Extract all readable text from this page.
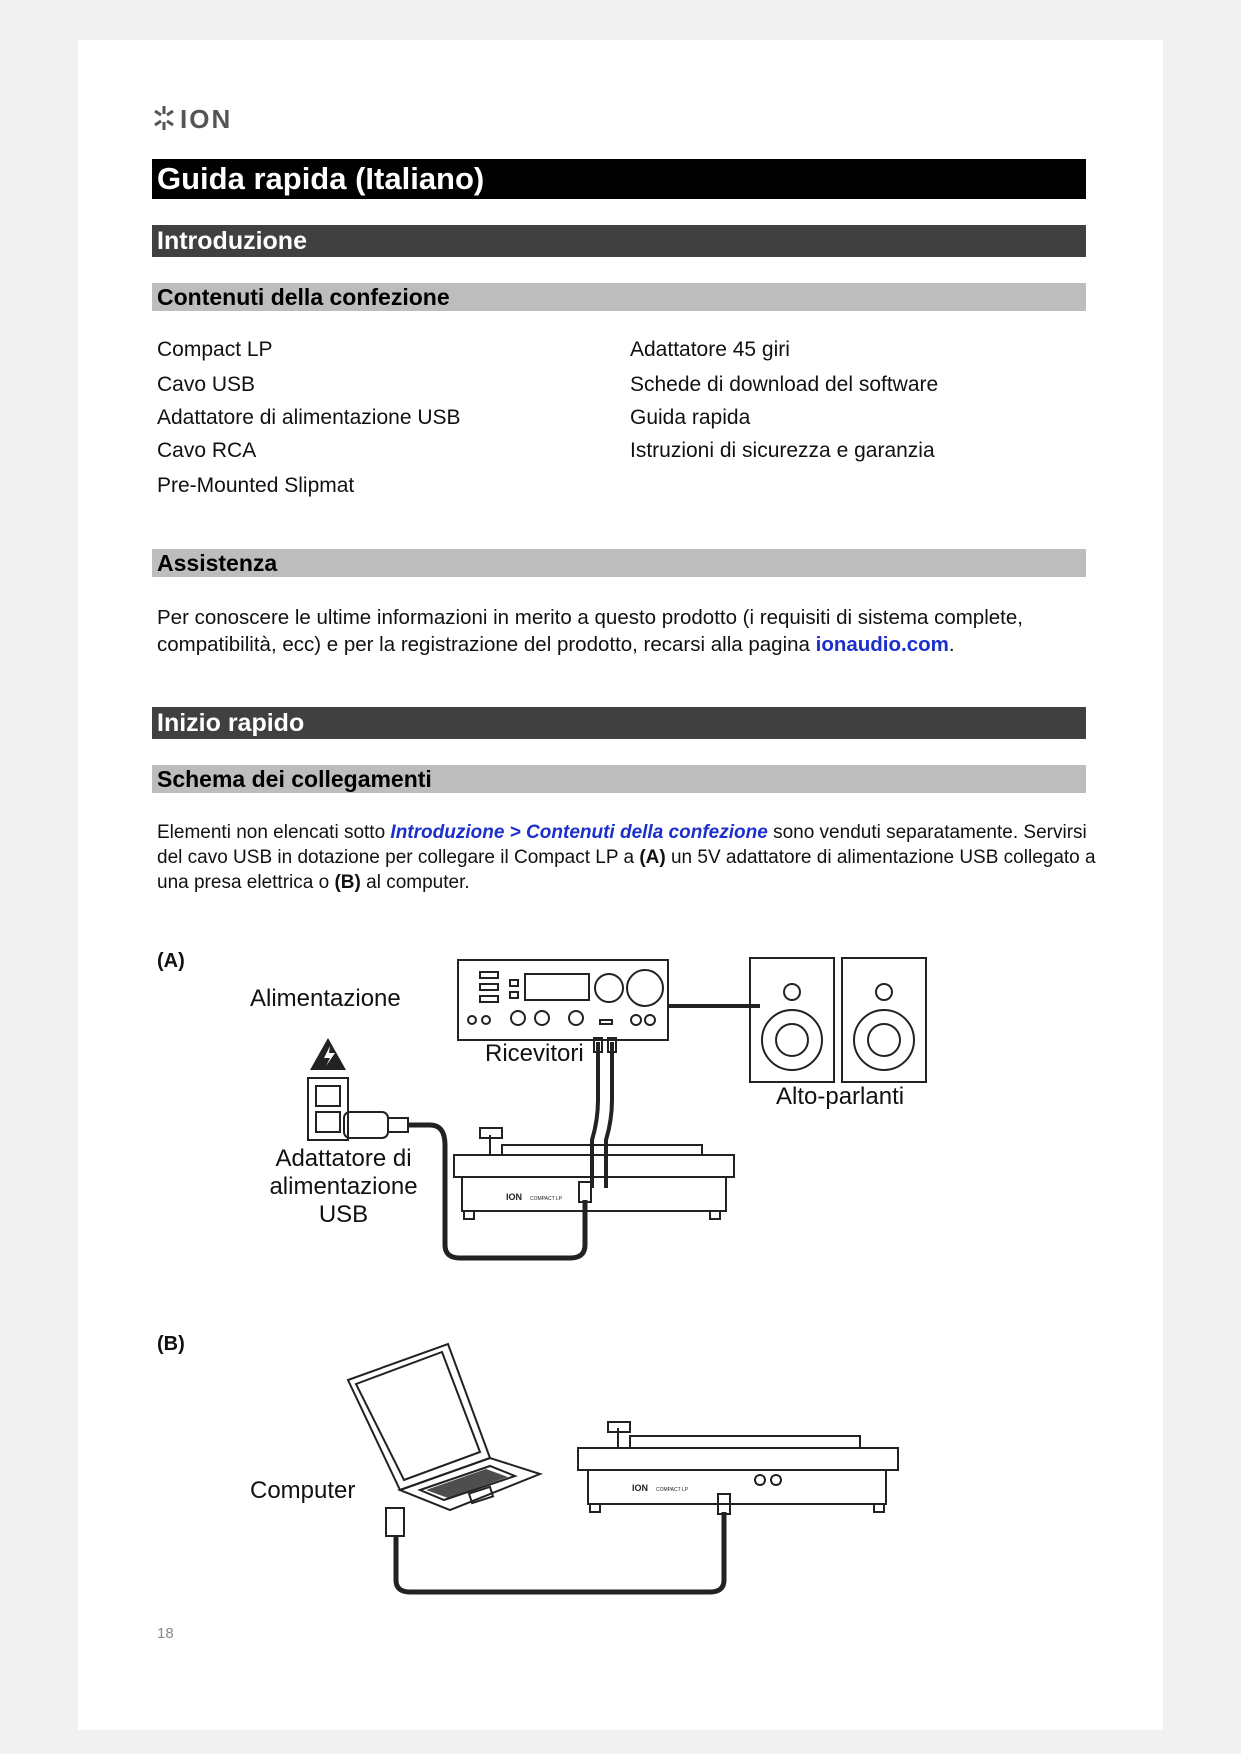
ION
Guida rapida (Italiano)
Introduzione
Contenuti della confezione
Compact LP
Cavo USB
Adattatore di alimentazione USB
Cavo RCA
Pre-Mounted Slipmat
Adattatore 45 giri
Schede di download del software
Guida rapida
Istruzioni di sicurezza e garanzia
Assistenza
Per conoscere le ultime informazioni in merito a questo prodotto (i requisiti di sistema complete, compatibilità, ecc) e per la registrazione del prodotto, recarsi alla pagina ionaudio.com.
Inizio rapido
Schema dei collegamenti
Elementi non elencati sotto Introduzione > Contenuti della confezione sono venduti separatamente. Servirsi del cavo USB in dotazione per collegare il Compact LP a (A) un 5V adattatore di alimentazione USB collegato a una presa elettrica o (B) al computer.
(A)
ION COMPACT LP
Alimentazione
Ricevitori
Alto-parlanti
Adattatore di
alimentazione
USB
(B)
ION COMPACT LP
Computer
18
